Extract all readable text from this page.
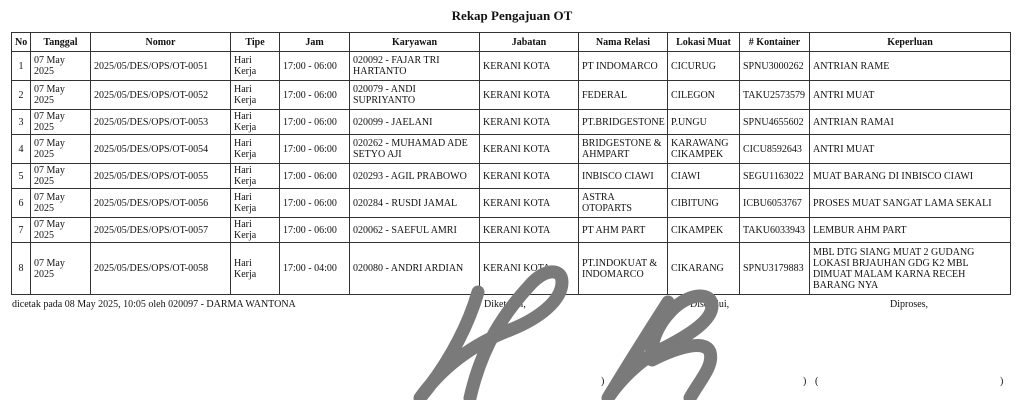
Rekap Pengajuan OT
No	Tanggal	Nomor	Tipe	Jam	Karyawan	Jabatan	Nama Relasi	Lokasi Muat	# Kontainer	Keperluan
1	07 May 2025	2025/05/DES/OPS/OT-0051	Hari Kerja	17:00 - 06:00	020092 - FAJAR TRI HARTANTO	KERANI KOTA	PT INDOMARCO	CICURUG	SPNU3000262	ANTRIAN RAME
2	07 May 2025	2025/05/DES/OPS/OT-0052	Hari Kerja	17:00 - 06:00	020079 - ANDI SUPRIYANTO	KERANI KOTA	FEDERAL	CILEGON	TAKU2573579	ANTRI MUAT
3	07 May 2025	2025/05/DES/OPS/OT-0053	Hari Kerja	17:00 - 06:00	020099 - JAELANI	KERANI KOTA	PT.BRIDGESTONE	P.UNGU	SPNU4655602	ANTRIAN RAMAI
4	07 May 2025	2025/05/DES/OPS/OT-0054	Hari Kerja	17:00 - 06:00	020262 - MUHAMAD ADE SETYO AJI	KERANI KOTA	BRIDGESTONE & AHMPART	KARAWANG CIKAMPEK	CICU8592643	ANTRI MUAT
5	07 May 2025	2025/05/DES/OPS/OT-0055	Hari Kerja	17:00 - 06:00	020293 - AGIL PRABOWO	KERANI KOTA	INBISCO CIAWI	CIAWI	SEGU1163022	MUAT BARANG DI INBISCO CIAWI
6	07 May 2025	2025/05/DES/OPS/OT-0056	Hari Kerja	17:00 - 06:00	020284 - RUSDI JAMAL	KERANI KOTA	ASTRA OTOPARTS	CIBITUNG	ICBU6053767	PROSES MUAT SANGAT LAMA SEKALI
7	07 May 2025	2025/05/DES/OPS/OT-0057	Hari Kerja	17:00 - 06:00	020062 - SAEFUL AMRI	KERANI KOTA	PT AHM PART	CIKAMPEK	TAKU6033943	LEMBUR AHM PART
8	07 May 2025	2025/05/DES/OPS/OT-0058	Hari Kerja	17:00 - 04:00	020080 - ANDRI ARDIAN	KERANI KOTA	PT.INDOKUAT & INDOMARCO	CIKARANG	SPNU3179883	MBL DTG SIANG MUAT 2 GUDANG LOKASI BRJAUHAN GDG K2 MBL DIMUAT MALAM KARNA RECEH BARANG NYA
dicetak pada 08 May 2025, 10:05 oleh 020097 - DARMA WANTONA	Diketahui,	Disetujui,	Diproses,
) (	) (	)
